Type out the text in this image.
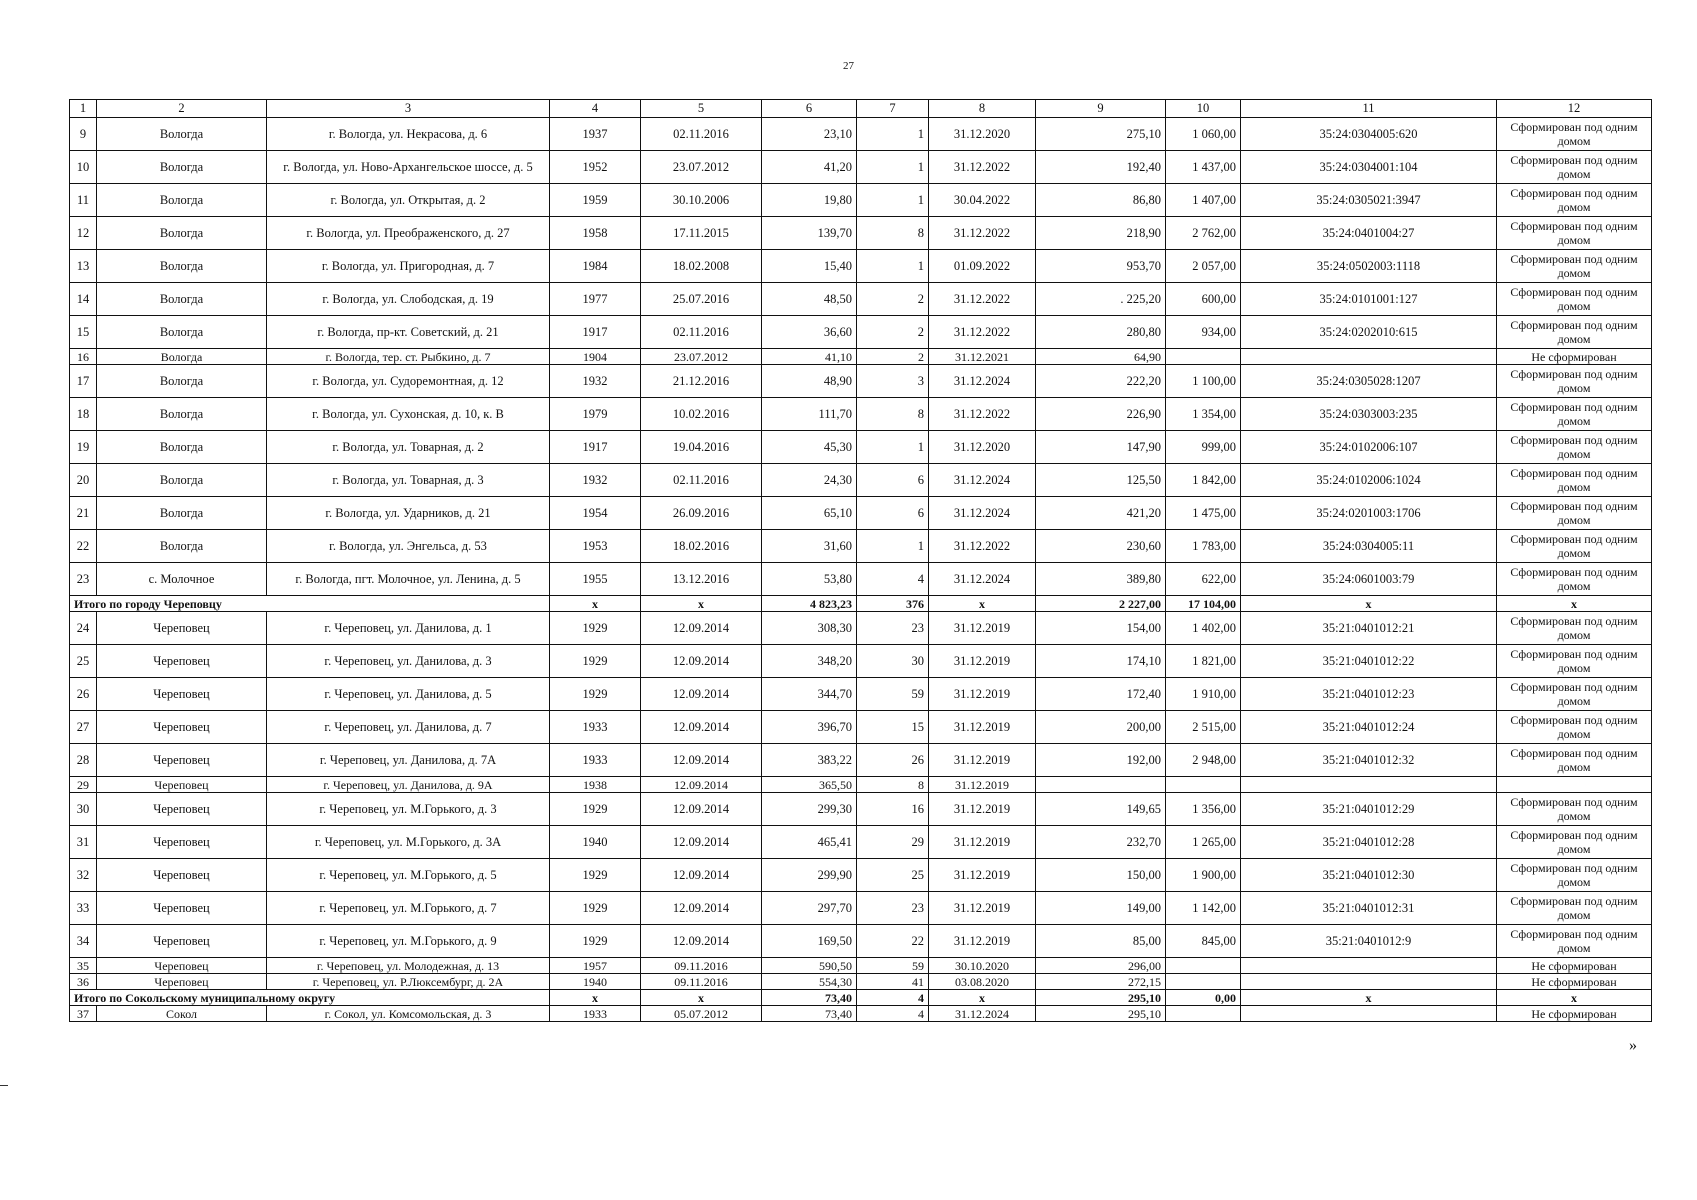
27
1	2	3	4	5	6	7	8	9	10	11	12
9	Вологда	г. Вологда, ул. Некрасова, д. 6	1937	02.11.2016	23,10	1	31.12.2020	275,10	1 060,00	35:24:0304005:620	Сформирован под одним домом
10	Вологда	г. Вологда, ул. Ново-Архангельское шоссе, д. 5	1952	23.07.2012	41,20	1	31.12.2022	192,40	1 437,00	35:24:0304001:104	Сформирован под одним домом
11	Вологда	г. Вологда, ул. Открытая, д. 2	1959	30.10.2006	19,80	1	30.04.2022	86,80	1 407,00	35:24:0305021:3947	Сформирован под одним домом
12	Вологда	г. Вологда, ул. Преображенского, д. 27	1958	17.11.2015	139,70	8	31.12.2022	218,90	2 762,00	35:24:0401004:27	Сформирован под одним домом
13	Вологда	г. Вологда, ул. Пригородная, д. 7	1984	18.02.2008	15,40	1	01.09.2022	953,70	2 057,00	35:24:0502003:1118	Сформирован под одним домом
14	Вологда	г. Вологда, ул. Слободская, д. 19	1977	25.07.2016	48,50	2	31.12.2022	. 225,20	600,00	35:24:0101001:127	Сформирован под одним домом
15	Вологда	г. Вологда, пр-кт. Советский, д. 21	1917	02.11.2016	36,60	2	31.12.2022	280,80	934,00	35:24:0202010:615	Сформирован под одним домом
16	Вологда	г. Вологда, тер. ст. Рыбкино, д. 7	1904	23.07.2012	41,10	2	31.12.2021	64,90			Не сформирован
17	Вологда	г. Вологда, ул. Судоремонтная, д. 12	1932	21.12.2016	48,90	3	31.12.2024	222,20	1 100,00	35:24:0305028:1207	Сформирован под одним домом
18	Вологда	г. Вологда, ул. Сухонская, д. 10, к. В	1979	10.02.2016	111,70	8	31.12.2022	226,90	1 354,00	35:24:0303003:235	Сформирован под одним домом
19	Вологда	г. Вологда, ул. Товарная, д. 2	1917	19.04.2016	45,30	1	31.12.2020	147,90	999,00	35:24:0102006:107	Сформирован под одним домом
20	Вологда	г. Вологда, ул. Товарная, д. 3	1932	02.11.2016	24,30	6	31.12.2024	125,50	1 842,00	35:24:0102006:1024	Сформирован под одним домом
21	Вологда	г. Вологда, ул. Ударников, д. 21	1954	26.09.2016	65,10	6	31.12.2024	421,20	1 475,00	35:24:0201003:1706	Сформирован под одним домом
22	Вологда	г. Вологда, ул. Энгельса, д. 53	1953	18.02.2016	31,60	1	31.12.2022	230,60	1 783,00	35:24:0304005:11	Сформирован под одним домом
23	с. Молочное	г. Вологда, пгт. Молочное, ул. Ленина, д. 5	1955	13.12.2016	53,80	4	31.12.2024	389,80	622,00	35:24:0601003:79	Сформирован под одним домом
Итого по городу Череповцу			x	x	4 823,23	376	x	2 227,00	17 104,00	x	x
24	Череповец	г. Череповец, ул. Данилова, д. 1	1929	12.09.2014	308,30	23	31.12.2019	154,00	1 402,00	35:21:0401012:21	Сформирован под одним домом
25	Череповец	г. Череповец, ул. Данилова, д. 3	1929	12.09.2014	348,20	30	31.12.2019	174,10	1 821,00	35:21:0401012:22	Сформирован под одним домом
26	Череповец	г. Череповец, ул. Данилова, д. 5	1929	12.09.2014	344,70	59	31.12.2019	172,40	1 910,00	35:21:0401012:23	Сформирован под одним домом
27	Череповец	г. Череповец, ул. Данилова, д. 7	1933	12.09.2014	396,70	15	31.12.2019	200,00	2 515,00	35:21:0401012:24	Сформирован под одним домом
28	Череповец	г. Череповец, ул. Данилова, д. 7А	1933	12.09.2014	383,22	26	31.12.2019	192,00	2 948,00	35:21:0401012:32	Сформирован под одним домом
29	Череповец	г. Череповец, ул. Данилова, д. 9А	1938	12.09.2014	365,50	8	31.12.2019				
30	Череповец	г. Череповец, ул. М.Горького, д. 3	1929	12.09.2014	299,30	16	31.12.2019	149,65	1 356,00	35:21:0401012:29	Сформирован под одним домом
31	Череповец	г. Череповец, ул. М.Горького, д. 3А	1940	12.09.2014	465,41	29	31.12.2019	232,70	1 265,00	35:21:0401012:28	Сформирован под одним домом
32	Череповец	г. Череповец, ул. М.Горького, д. 5	1929	12.09.2014	299,90	25	31.12.2019	150,00	1 900,00	35:21:0401012:30	Сформирован под одним домом
33	Череповец	г. Череповец, ул. М.Горького, д. 7	1929	12.09.2014	297,70	23	31.12.2019	149,00	1 142,00	35:21:0401012:31	Сформирован под одним домом
34	Череповец	г. Череповец, ул. М.Горького, д. 9	1929	12.09.2014	169,50	22	31.12.2019	85,00	845,00	35:21:0401012:9	Сформирован под одним домом
35	Череповец	г. Череповец, ул. Молодежная, д. 13	1957	09.11.2016	590,50	59	30.10.2020	296,00			Не сформирован
36	Череповец	г. Череповец, ул. Р.Люксембург, д. 2А	1940	09.11.2016	554,30	41	03.08.2020	272,15			Не сформирован
Итого по Сокольскому муниципальному округу			x	x	73,40	4	x	295,10	0,00	x	x
37	Сокол	г. Сокол, ул. Комсомольская, д. 3	1933	05.07.2012	73,40	4	31.12.2024	295,10			Не сформирован
»
